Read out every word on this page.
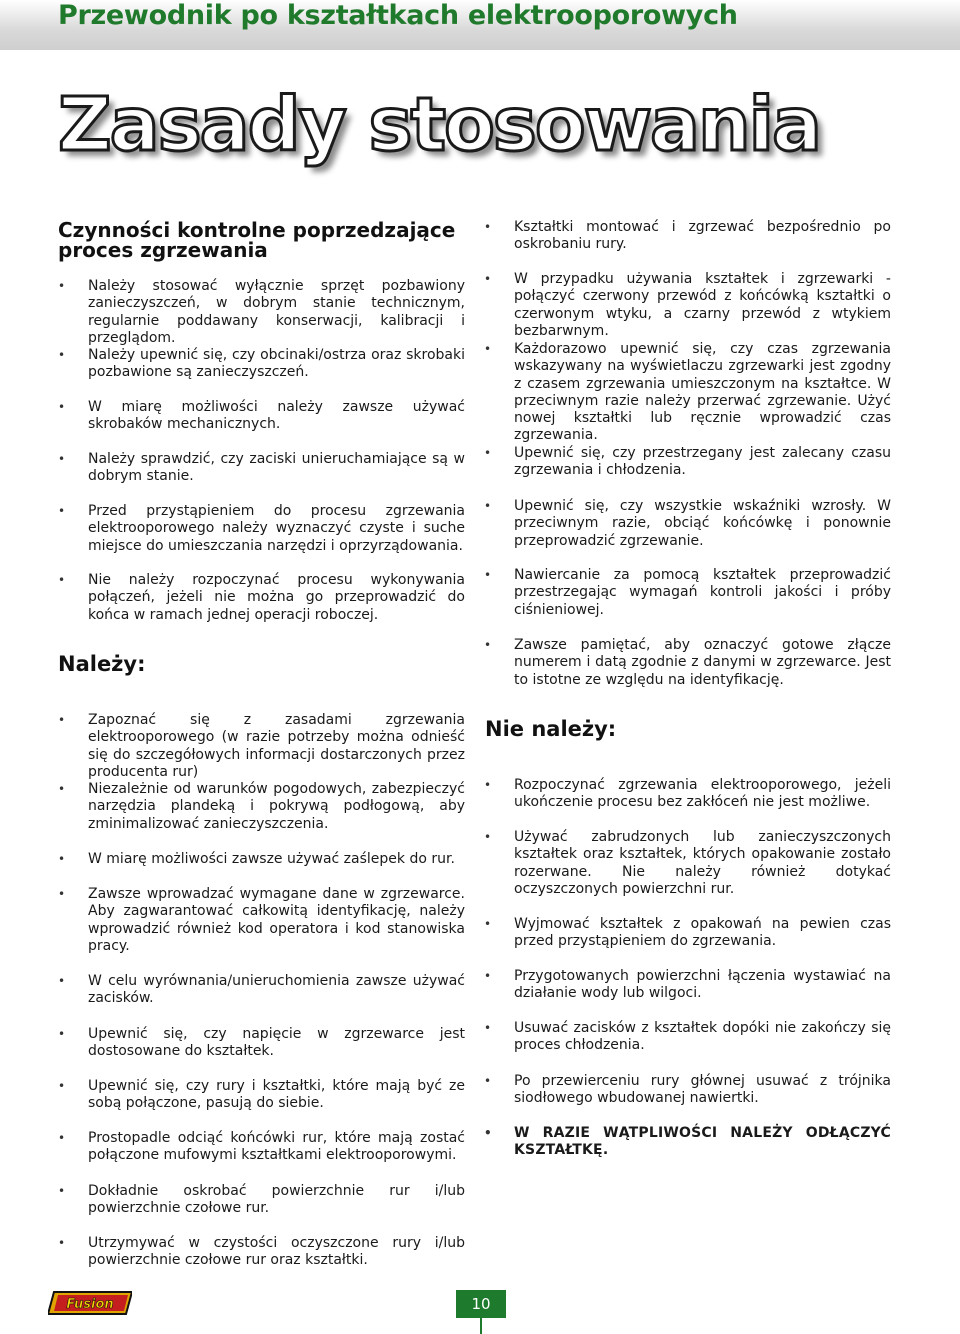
Przewodnik po kształtkach elektrooporowych
Zasady stosowania
Czynności kontrolne poprzedzające
proces zgrzewania
• Należy stosować wyłącznie sprzęt pozbawiony zanieczyszczeń, w dobrym stanie technicznym, regularnie poddawany konserwacji, kalibracji i przeglądom.
• Należy upewnić się, czy obcinaki/ostrza oraz skrobaki pozbawione są zanieczyszczeń.
• W miarę możliwości należy zawsze używać skrobaków mechanicznych.
• Należy sprawdzić, czy zaciski unieruchamiające są w dobrym stanie.
• Przed przystąpieniem do procesu zgrzewania elektrooporowego należy wyznaczyć czyste i suche miejsce do umieszczania narzędzi i oprzyrządowania.
• Nie należy rozpoczynać procesu wykonywania połączeń, jeżeli nie można go przeprowadzić do końca w ramach jednej operacji roboczej.
Należy:
• Zapoznać się z zasadami zgrzewania elektrooporowego (w razie potrzeby można odnieść się do szczegółowych informacji dostarczonych przez producenta rur)
• Niezależnie od warunków pogodowych, zabezpieczyć narzędzia plandeką i pokrywą podłogową, aby zminimalizować zanieczyszczenia.
• W miarę możliwości zawsze używać zaślepek do rur.
• Zawsze wprowadzać wymagane dane w zgrzewarce. Aby zagwarantować całkowitą identyfikację, należy wprowadzić również kod operatora i kod stanowiska pracy.
• W celu wyrównania/unieruchomienia zawsze używać zacisków.
• Upewnić się, czy napięcie w zgrzewarce jest dostosowane do kształtek.
• Upewnić się, czy rury i kształtki, które mają być ze sobą połączone, pasują do siebie.
• Prostopadle odciąć końcówki rur, które mają zostać połączone mufowymi kształtkami elektrooporowymi.
• Dokładnie oskrobać powierzchnie rur i/lub powierzchnie czołowe rur.
• Utrzymywać w czystości oczyszczone rury i/lub powierzchnie czołowe rur oraz kształtki.
• Kształtki montować i zgrzewać bezpośrednio po oskrobaniu rury.
• W przypadku używania kształtek i zgrzewarki - połączyć czerwony przewód z końcówką kształtki o czerwonym wtyku, a czarny przewód z wtykiem bezbarwnym.
• Każdorazowo upewnić się, czy czas zgrzewania wskazywany na wyświetlaczu zgrzewarki jest zgodny z czasem zgrzewania umieszczonym na kształtce. W przeciwnym razie należy przerwać zgrzewanie. Użyć nowej kształtki lub ręcznie wprowadzić czas zgrzewania.
• Upewnić się, czy przestrzegany jest zalecany czasu zgrzewania i chłodzenia.
• Upewnić się, czy wszystkie wskaźniki wzrosły. W przeciwnym razie, obciąć końcówkę i ponownie przeprowadzić zgrzewanie.
• Nawiercanie za pomocą kształtek przeprowadzić przestrzegając wymagań kontroli jakości i próby ciśnieniowej.
• Zawsze pamiętać, aby oznaczyć gotowe złącze numerem i datą zgodnie z danymi w zgrzewarce. Jest to istotne ze względu na identyfikację.
Nie należy:
• Rozpoczynać zgrzewania elektrooporowego, jeżeli ukończenie procesu bez zakłóceń nie jest możliwe.
• Używać zabrudzonych lub zanieczyszczonych kształtek oraz kształtek, których opakowanie zostało rozerwane. Nie należy również dotykać oczyszczonych powierzchni rur.
• Wyjmować kształtek z opakowań na pewien czas przed przystąpieniem do zgrzewania.
• Przygotowanych powierzchni łączenia wystawiać na działanie wody lub wilgoci.
• Usuwać zacisków z kształtek dopóki nie zakończy się proces chłodzenia.
• Po przewierceniu rury głównej usuwać z trójnika siodłowego wbudowanej nawiertki.
• W RAZIE WĄTPLIWOŚCI NALEŻY ODŁĄCZYĆ KSZTAŁTKĘ.
Fusion	10
